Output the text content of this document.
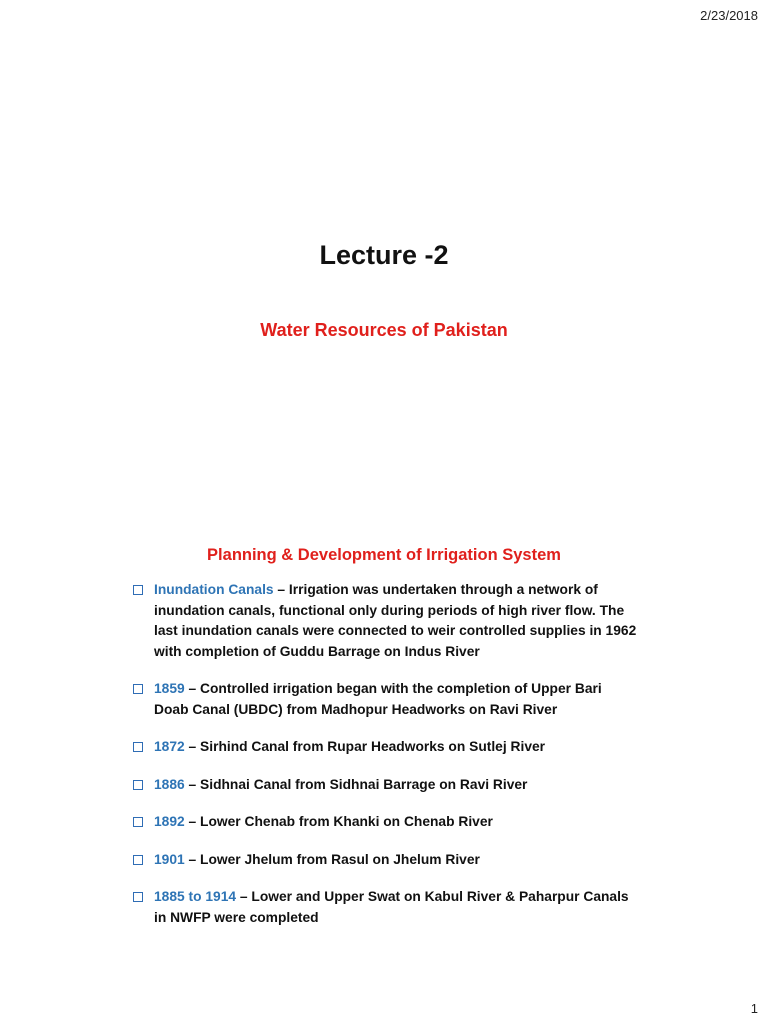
2/23/2018
Lecture -2
Water Resources of Pakistan
Planning & Development of Irrigation System
Inundation Canals – Irrigation was undertaken through a network of inundation canals, functional only during periods of high river flow. The last inundation canals were connected to weir controlled supplies in 1962 with completion of Guddu Barrage on Indus River
1859 – Controlled irrigation began with the completion of Upper Bari Doab Canal (UBDC) from Madhopur Headworks on Ravi River
1872 – Sirhind Canal from Rupar Headworks on Sutlej River
1886 – Sidhnai Canal from Sidhnai Barrage on Ravi River
1892 – Lower Chenab from Khanki on Chenab River
1901 – Lower Jhelum from Rasul on Jhelum River
1885 to 1914 – Lower and Upper Swat on Kabul River & Paharpur Canals in NWFP were completed
1
